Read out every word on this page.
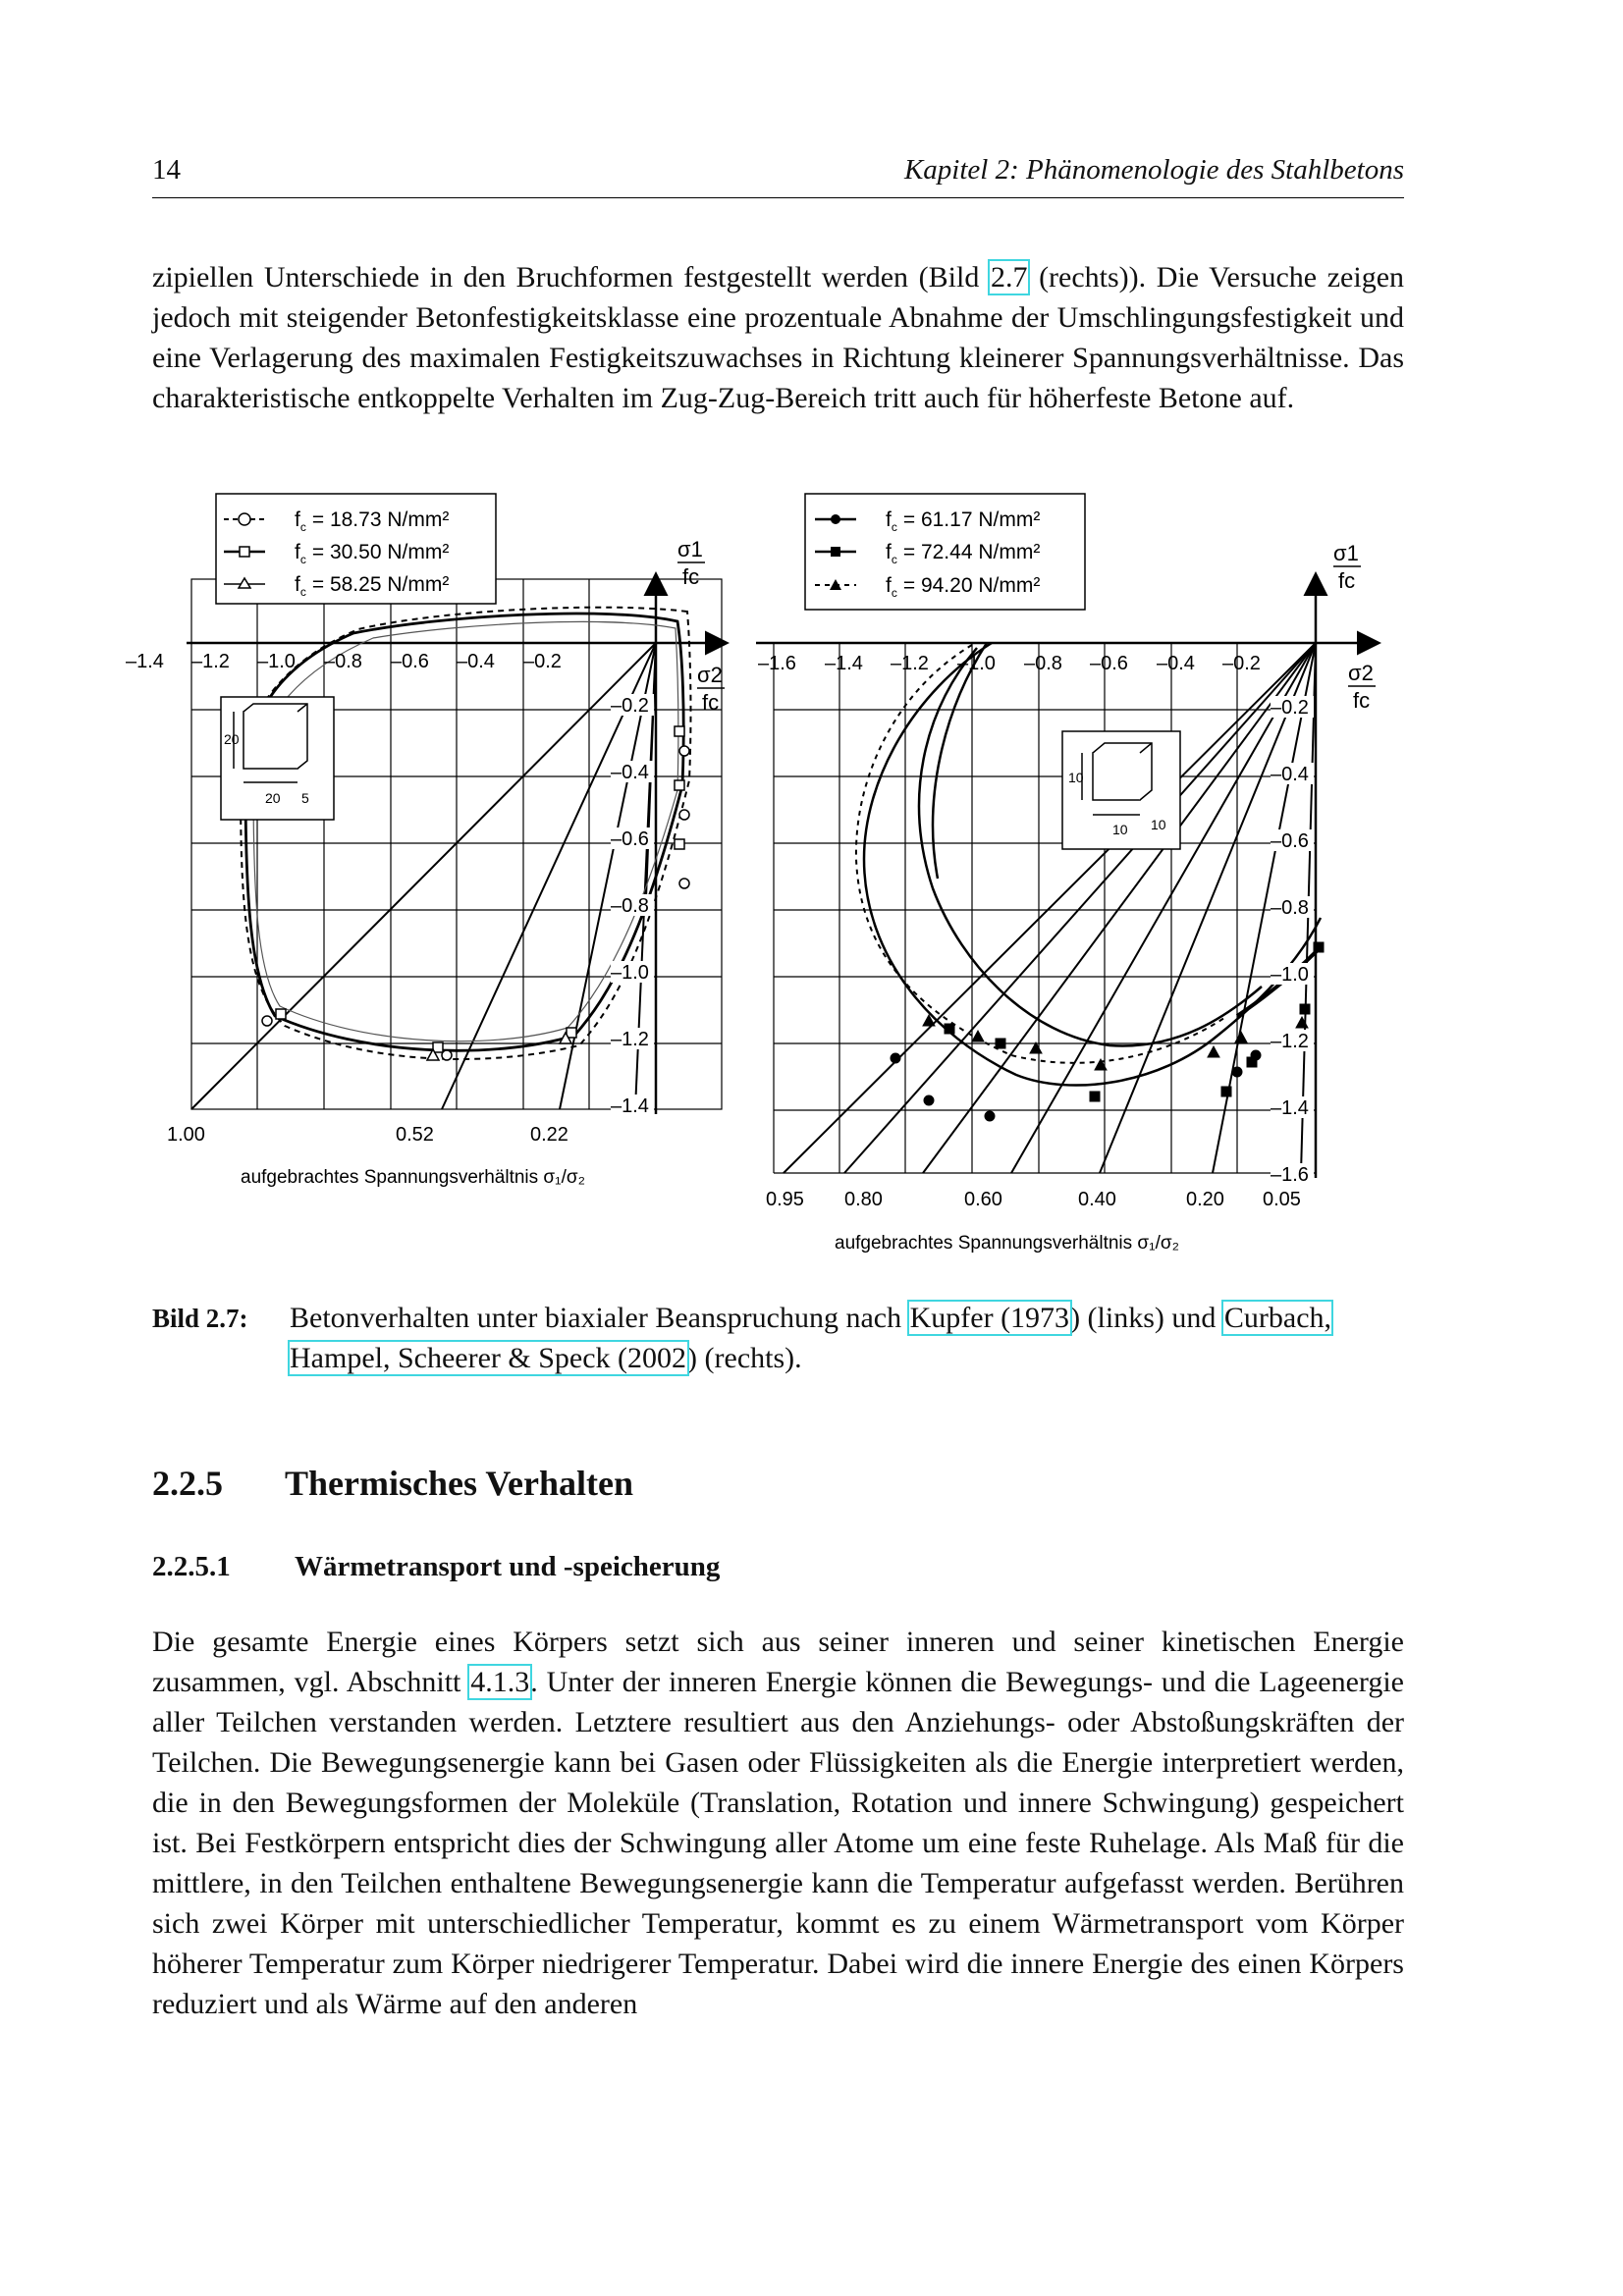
14	Kapitel 2: Phänomenologie des Stahlbetons
zipiellen Unterschiede in den Bruchformen festgestellt werden (Bild 2.7 (rechts)). Die Versuche zeigen jedoch mit steigender Betonfestigkeitsklasse eine prozentuale Abnahme der Umschlingungsfestigkeit und eine Verlagerung des maximalen Festigkeitszuwachses in Richtung kleinerer Spannungsverhältnisse. Das charakteristische entkoppelte Verhalten im Zug-Zug-Bereich tritt auch für höherfeste Betone auf.
20
20 5
–1.4 –1.2 –1.0 –0.8 –0.6 –0.4 –0.2
–0.2
–0.4
–0.6
–0.8
–1.0
–1.2
–1.4
σ1
fc
σ2
fc
1.00	0.52	0.22
aufgebrachtes Spannungsverhältnis σ₁/σ₂
$f_c = 18.73$ N/mm²
$f_c = 30.50$ N/mm²
$f_c = 58.25$ N/mm²
10
10 10
–1.6 –1.4 –1.2 –1.0 –0.8 –0.6 –0.4 –0.2
–0.2
–0.4
–0.6
–0.8
–1.0
–1.2
–1.4
–1.6
σ1
fc
σ2
fc
0.95 0.80	0.60	0.40	0.20 0.05
aufgebrachtes Spannungsverhältnis σ₁/σ₂
$f_c = 61.17$ N/mm²
$f_c = 72.44$ N/mm²
$f_c = 94.20$ N/mm²
Bild 2.7: Betonverhalten unter biaxialer Beanspruchung nach Kupfer (1973) (links) und Curbach, Hampel, Scheerer & Speck (2002) (rechts).
2.2.5 Thermisches Verhalten
2.2.5.1 Wärmetransport und -speicherung
Die gesamte Energie eines Körpers setzt sich aus seiner inneren und seiner kinetischen Energie zusammen, vgl. Abschnitt 4.1.3. Unter der inneren Energie können die Bewegungs- und die Lageenergie aller Teilchen verstanden werden. Letztere resultiert aus den Anziehungs- oder Abstoßungskräften der Teilchen. Die Bewegungsenergie kann bei Gasen oder Flüssigkeiten als die Energie interpretiert werden, die in den Bewegungsformen der Moleküle (Translation, Rotation und innere Schwingung) gespeichert ist. Bei Festkörpern entspricht dies der Schwingung aller Atome um eine feste Ruhelage. Als Maß für die mittlere, in den Teilchen enthaltene Bewegungsenergie kann die Temperatur aufgefasst werden. Berühren sich zwei Körper mit unterschiedlicher Temperatur, kommt es zu einem Wärmetransport vom Körper höherer Temperatur zum Körper niedrigerer Temperatur. Dabei wird die innere Energie des einen Körpers reduziert und als Wärme auf den anderen
